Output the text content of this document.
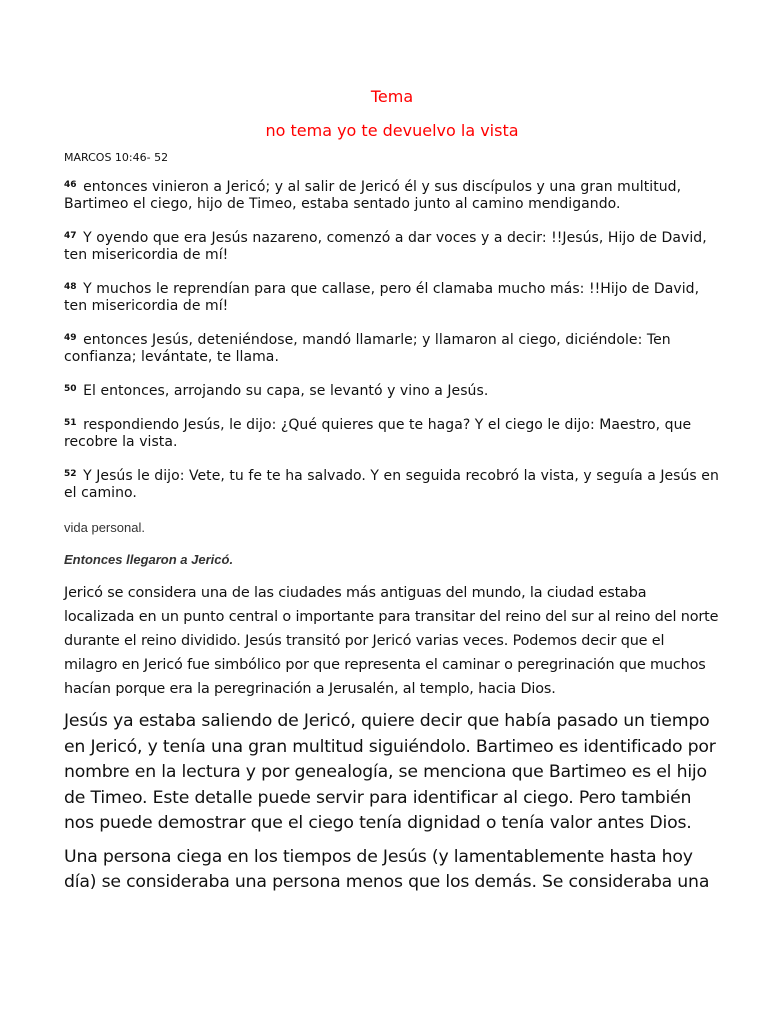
Tema

no tema yo te devuelvo la vista

MARCOS 10:46- 52

$^{46}$ entonces vinieron a Jericó; y al salir de Jericó él y sus discípulos y una gran multitud, Bartimeo el ciego, hijo de Timeo, estaba sentado junto al camino mendigando.

$^{47}$ Y oyendo que era Jesús nazareno, comenzó a dar voces y a decir: !!Jesús, Hijo de David, ten misericordia de mí!

$^{48}$ Y muchos le reprendían para que callase, pero él clamaba mucho más: !!Hijo de David, ten misericordia de mí!

$^{49}$ entonces Jesús, deteniéndose, mandó llamarle; y llamaron al ciego, diciéndole: Ten confianza; levántate, te llama.

$^{50}$ El entonces, arrojando su capa, se levantó y vino a Jesús.

$^{51}$ respondiendo Jesús, le dijo: ¿Qué quieres que te haga? Y el ciego le dijo: Maestro, que recobre la vista.

$^{52}$ Y Jesús le dijo: Vete, tu fe te ha salvado. Y en seguida recobró la vista, y seguía a Jesús en el camino.

vida personal.

Entonces llegaron a Jericó.

Jericó se considera una de las ciudades más antiguas del mundo, la ciudad estaba localizada en un punto central o importante para transitar del reino del sur al reino del norte durante el reino dividido. Jesús transitó por Jericó varias veces. Podemos decir que el milagro en Jericó fue simbólico por que representa el caminar o peregrinación que muchos hacían porque era la peregrinación a Jerusalén, al templo, hacia Dios.

Jesús ya estaba saliendo de Jericó, quiere decir que había pasado un tiempo en Jericó, y tenía una gran multitud siguiéndolo. Bartimeo es identificado por nombre en la lectura y por genealogía, se menciona que Bartimeo es el hijo de Timeo. Este detalle puede servir para identificar al ciego. Pero también nos puede demostrar que el ciego tenía dignidad o tenía valor antes Dios.

Una persona ciega en los tiempos de Jesús (y lamentablemente hasta hoy día) se consideraba una persona menos que los demás. Se consideraba una
